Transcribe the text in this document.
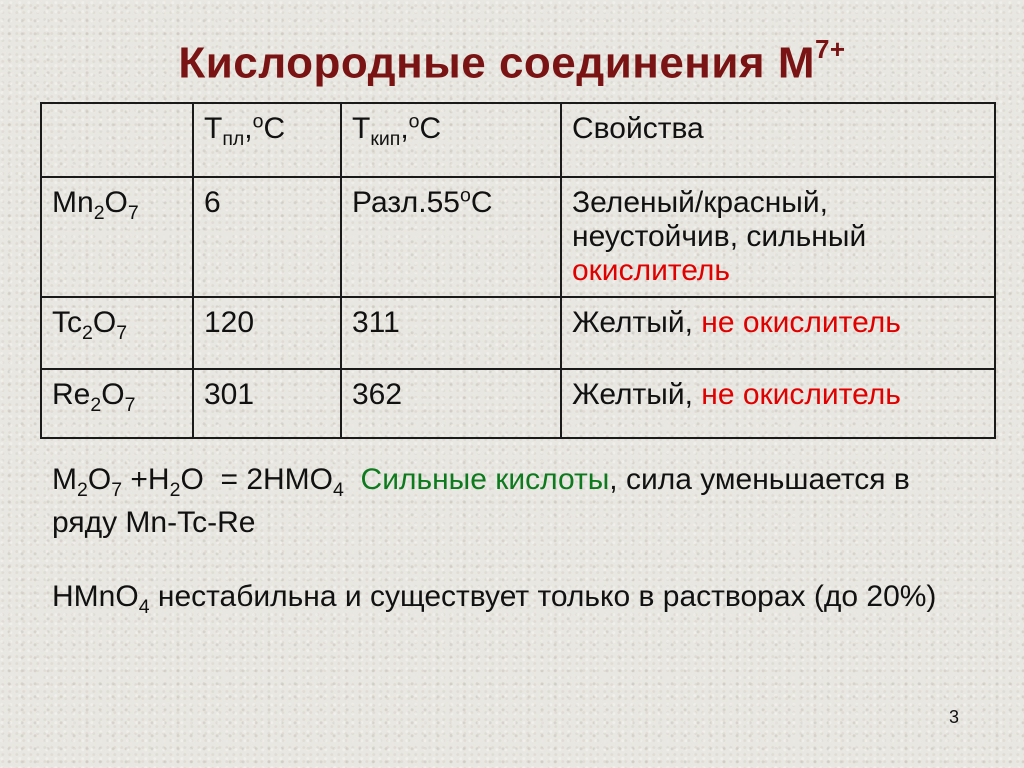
Кислородные соединения $М^{7+}$
	$T_{пл},^oC$	$T_{кип},^oC$	Свойства
$Mn_2O_7$	6	Разл.55$^o$C	Зеленый/красный,
неустойчив, сильный
окислитель
$Tc_2O_7$	120	311	Желтый, не окислитель
$Re_2O_7$	301	362	Желтый, не окислитель
$M_2O_7 +H_2O = 2HMO_4$ Сильные кислоты, сила уменьшается в ряду Mn-Tc-Re
HMnO$_4$ нестабильна и существует только в растворах (до 20%)
3
